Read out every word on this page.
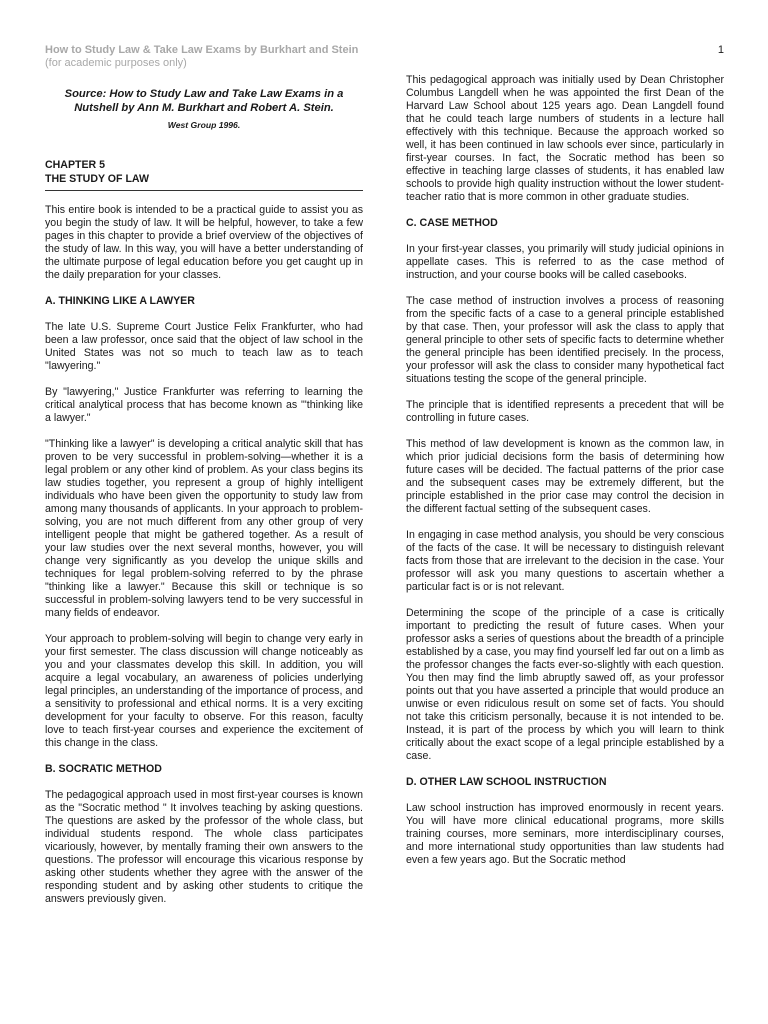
How to Study Law & Take Law Exams by Burkhart and Stein
(for academic purposes only)
1

Source: How to Study Law and Take Law Exams in a Nutshell by Ann M. Burkhart and Robert A. Stein.

West Group 1996.

CHAPTER 5
THE STUDY OF LAW

This entire book is intended to be a practical guide to assist you as you begin the study of law. It will be helpful, however, to take a few pages in this chapter to provide a brief overview of the objectives of the study of law. In this way, you will have a better understanding of the ultimate purpose of legal education before you get caught up in the daily preparation for your classes.

A. THINKING LIKE A LAWYER

The late U.S. Supreme Court Justice Felix Frankfurter, who had been a law professor, once said that the object of law school in the United States was not so much to teach law as to teach "lawyering."

By "lawyering," Justice Frankfurter was referring to learning the critical analytical process that has become known as "'thinking like a lawyer."

"Thinking like a lawyer" is developing a critical analytic skill that has proven to be very successful in problem-solving—whether it is a legal problem or any other kind of problem. As your class begins its law studies together, you represent a group of highly intelligent individuals who have been given the opportunity to study law from among many thousands of applicants. In your approach to problem-solving, you are not much different from any other group of very intelligent people that might be gathered together. As a result of your law studies over the next several months, however, you will change very significantly as you develop the unique skills and techniques for legal problem-solving referred to by the phrase "thinking like a lawyer." Because this skill or technique is so successful in problem-solving lawyers tend to be very successful in many fields of endeavor.

Your approach to problem-solving will begin to change very early in your first semester. The class discussion will change noticeably as you and your classmates develop this skill. In addition, you will acquire a legal vocabulary, an awareness of policies underlying legal principles, an understanding of the importance of process, and a sensitivity to professional and ethical norms. It is a very exciting development for your faculty to observe. For this reason, faculty love to teach first-year courses and experience the excitement of this change in the class.

B. SOCRATIC METHOD

The pedagogical approach used in most first-year courses is known as the "Socratic method " It involves teaching by asking questions. The questions are asked by the professor of the whole class, but individual students respond. The whole class participates vicariously, however, by mentally framing their own answers to the questions. The professor will encourage this vicarious response by asking other students whether they agree with the answer of the responding student and by asking other students to critique the answers previously given.

This pedagogical approach was initially used by Dean Christopher Columbus Langdell when he was appointed the first Dean of the Harvard Law School about 125 years ago. Dean Langdell found that he could teach large numbers of students in a lecture hall effectively with this technique. Because the approach worked so well, it has been continued in law schools ever since, particularly in first-year courses. In fact, the Socratic method has been so effective in teaching large classes of students, it has enabled law schools to provide high quality instruction without the lower student-teacher ratio that is more common in other graduate studies.

C. CASE METHOD

In your first-year classes, you primarily will study judicial opinions in appellate cases. This is referred to as the case method of instruction, and your course books will be called casebooks.

The case method of instruction involves a process of reasoning from the specific facts of a case to a general principle established by that case. Then, your professor will ask the class to apply that general principle to other sets of specific facts to determine whether the general principle has been identified precisely. In the process, your professor will ask the class to consider many hypothetical fact situations testing the scope of the general principle.

The principle that is identified represents a precedent that will be controlling in future cases.

This method of law development is known as the common law, in which prior judicial decisions form the basis of determining how future cases will be decided. The factual patterns of the prior case and the subsequent cases may be extremely different, but the principle established in the prior case may control the decision in the different factual setting of the subsequent cases.

In engaging in case method analysis, you should be very conscious of the facts of the case. It will be necessary to distinguish relevant facts from those that are irrelevant to the decision in the case. Your professor will ask you many questions to ascertain whether a particular fact is or is not relevant.

Determining the scope of the principle of a case is critically important to predicting the result of future cases. When your professor asks a series of questions about the breadth of a principle established by a case, you may find yourself led far out on a limb as the professor changes the facts ever-so-slightly with each question. You then may find the limb abruptly sawed off, as your professor points out that you have asserted a principle that would produce an unwise or even ridiculous result on some set of facts. You should not take this criticism personally, because it is not intended to be. Instead, it is part of the process by which you will learn to think critically about the exact scope of a legal principle established by a case.

D. OTHER LAW SCHOOL INSTRUCTION

Law school instruction has improved enormously in recent years. You will have more clinical educational programs, more skills training courses, more seminars, more interdisciplinary courses, and more international study opportunities than law students had even a few years ago. But the Socratic method
